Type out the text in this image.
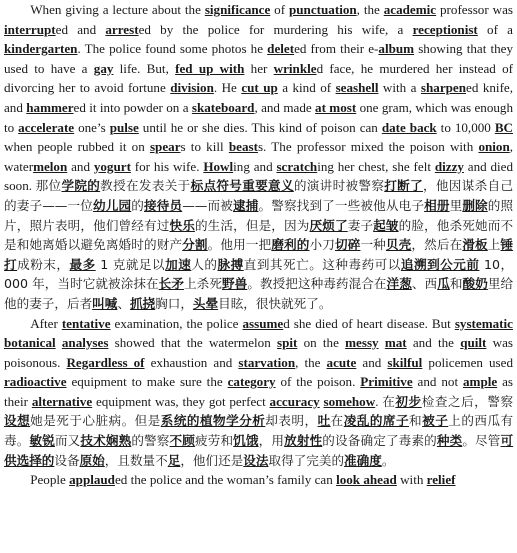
When giving a lecture about the significance of punctuation, the academic professor was interrupted and arrested by the police for murdering his wife, a receptionist of a kindergarten. The police found some photos he deleted from their e-album showing that they used to have a gay life. But, fed up with her wrinkled face, he murdered her instead of divorcing her to avoid fortune division. He cut up a kind of seashell with a sharpened knife, and hammered it into powder on a skateboard, and made at most one gram, which was enough to accelerate one’s pulse until he or she dies. This kind of poison can date back to 10,000 BC when people rubbed it on spears to kill beasts. The professor mixed the poison with onion, watermelon and yogurt for his wife. Howling and scratching her chest, she felt dizzy and died soon. 那位学院的教授在发表关于标点符号重要意义的演讲时被警察打断了，他因谋杀自己的妻子——一位幼儿园的接待员——而被逮捕。警察找到了一些被他从电子相册里删除的照片，照片表明，他们曾经有过快乐的生活，但是，因为厌烦了妻子起皱的脸，他杀死她而不是和她离婚以避免离婚时的财产分割。他用一把磨利的小刀切碎一种贝壳，然后在滑板上锤打成粉末，最多 1 克就足以加速人的脉搏直到其死亡。这种毒药可以追溯到公元前 10，000 年，当时它就被涂抹在长矛上杀死野兽。教授把这种毒药混合在洋葱、西瓜和酸奶里给他的妻子，后者叫喊、抓挠胸口，头晕目眩，很快就死了。

After tentative examination, the police assumed she died of heart disease. But systematic botanical analyses showed that the watermelon spit on the messy mat and the quilt was poisonous. Regardless of exhaustion and starvation, the acute and skilful policemen used radioactive equipment to make sure the category of the poison. Primitive and not ample as their alternative equipment was, they got perfect accuracy somehow. 在初步检查之后，警察设想她是死于心脏病。但是系统的植物学分析却表明，吐在凌乱的席子和被子上的西瓜有毒。敏锐而又技术娴熟的警察不顾疲劳和饥饿，用放射性的设备确定了毒素的种类。尽管可供选择的设备原始，且数量不足，他们还是设法取得了完美的准确度。

People applauded the police and the woman’s family can look ahead with relief
